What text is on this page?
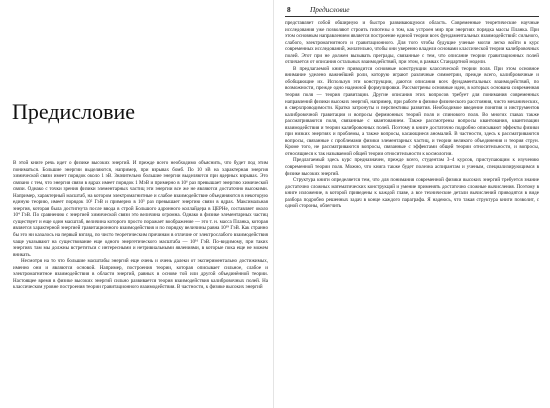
Предисловие

В этой книге речь идет о физике высоких энергий. И прежде всего необходимо объяснить, что будет под этим пониматься. Большие энергии выделяются, например, при взрывах бомб. По 10 эВ на характерная энергия химической связи имеет порядок около 1 эВ. Значительно большие энергии выделяются при ядерных взрывах. Это связано с тем, что энергия связи в ядрах имеет порядок 1 МэВ и примерно в 10⁶ раз превышает энергию химической связи. Однако с точки зрения физики элементарных частиц эти энергии все же не являются достаточно высокими. Например, характерный масштаб, на котором электромагнитные и слабое взаимодействие объединяются в некоторую единую теорию, имеет порядок 10² ГэВ и примерно в 10⁵ раз превышает энергию связи в ядрах. Максимальная энергия, которая была достигнута после ввода в строй Большого адронного коллайдера в ЦЕРНе, составляет около 10⁴ ГэВ. По сравнению с энергией химической связи это величина огромна. Однако в физике элементарных частиц существует и еще один масштаб, величина которого просто поражает воображение — это т. н. масса Планка, которая является характерной энергией гравитационного взаимодействия и по порядку величины равна 10¹⁹ ГэВ. Как странно бы это ни казалось на первый взгляд, по чисто теоретическим причинам в отличие от электрослабого взаимодействия чаще указывают на существование еще одного энергетического масштаба — 10¹⁶ ГэВ. По-видимому, при таких энергиях там мы должны встретиться с интересными и нетривиальными явлениями, в которые пока еще не можем вникать.

Несмотря на то что большие масштабы энергий еще очень и очень далеки от экспериментально достижимых, именно они и являются основой. Например, построения теории, которая описывает сильное, слабое и электромагнитное взаимодействия в области энергий, равных в основе той или другой объединённой теории. Настоящее время в физике высоких энергий сильно развивается теория взаимодействия калибровочных полей. На классическом уровне построения теории гравитационного взаимодействия. В частности, к физике высоких энергий

8	Предисловие

представляет собой обширную и быстро развивающуюся область. Современные теоретические научные исследования уже позволяют строить гипотезы о том, как устроен мир при энергиях порядка массы Планка. При этом основным направлением является построение единой теории всех фундаментальных взаимодействий: сильного, слабого, электромагнитного и гравитационного. Для того чтобы будущие ученые могли легко войти в курс современных исследований, желательно, чтобы они уверенно владели основами классической теории калибровочных полей. Этот при не должен вызывать преграды, связанные с тем, что описание теории гравитационных полей отличается от описания остальных взаимодействий, при этом, в рамках Стандартной модели.

В предлагаемой книге приводится основные конструкции классической теории поля. При этом основное внимание уделено важнейшей роли, которую играют различные симметрии, прежде всего, калибровочные и обобщающие их. Используя эти конструкции, даются описания всех фундаментальных взаимодействий, по возможности, прежде одно надежной формулировки. Рассмотрены основные идеи, в которых основана современная теория поля — теория гравитации. Другие описания этих вопросов требует для понимания современных направлений физики высоких энергий, например, при работе в физике физического расстояния, чисто механических, в сверхпроводимости. Кратко затронуты и перспективы развития. Необходимое введение понятия и инструментов калибровочной гравитации и вопросы фермионных теорий поля и спинового поля. Во многих главах также рассматриваются поля, связанные с квантованием. Также рассмотрены вопросы квантования, квантизации взаимодействия и теории калибровочных полей. Поэтому в книге достаточно подробно описывают эффекты физики при низких энергиях и проблемы, а также вопросы, касающиеся аномалий. В частности, здесь к рассматриваются вопросы, связанные с проблемами физики элементарных частиц, и теории великого объединения и теория струн. Кроме того, не рассматриваются вопросы, связанные с эффектами общей теории относительности, и вопросы, относящиеся к так называемой общей теории относительности к космологии.

Предлагаемый здесь курс предназначен, прежде всего, студентам 3–4 курсов, приступающим к изучению современной теории поля. Можно, что книга также будет полезна аспирантам и ученым, специализирующимся в физике высоких энергий.

Структура книги определяется тем, что для понимания современной физики высоких энергий требуется знание достаточно сложных математических конструкций и умение применять достаточно сложные вычисления. Поэтому в книге изложение, в которой приведены к каждой главе, а все технические детали вычислений приводятся в виде разбора подробно решенных задач в конце каждого параграфа. Я надеюсь, что такая структура книги позволит, с одной стороны, облегчить
